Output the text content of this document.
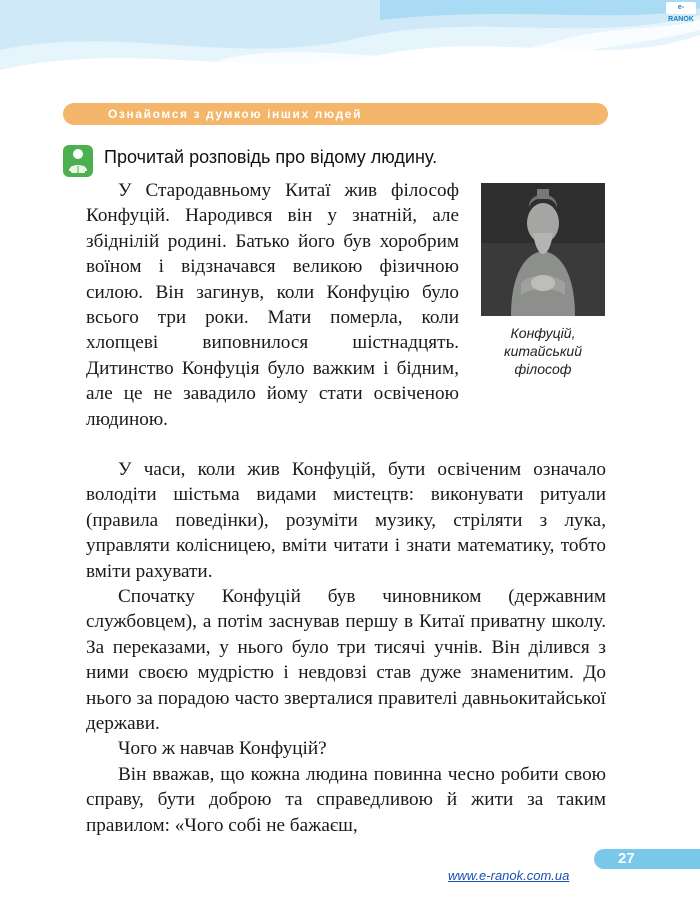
e-RANOK
Ознайомся з думкою інших людей
Прочитай розповідь про відому людину.
Конфуцій,
китайський
філософ

У Стародавньому Китаї жив філософ Конфуцій. Народився він у знатній, але збіднілій родині. Батько його був хоробрим воїном і відзначався великою фізичною силою. Він загинув, коли Конфуцію було всього три роки. Мати померла, коли хлопцеві виповнилося шістнадцять. Дитинство Конфуція було важким і бідним, але це не завадило йому стати освіченою людиною.

У часи, коли жив Конфуцій, бути освіченим означало володіти шістьма видами мистецтв: виконувати ритуали (правила поведінки), розуміти музику, стріляти з лука, управляти колісницею, вміти читати і знати математику, тобто вміти рахувати.

Спочатку Конфуцій був чиновником (державним службовцем), а потім заснував першу в Китаї приватну школу. За переказами, у нього було три тисячі учнів. Він ділився з ними своєю мудрістю і невдовзі став дуже знаменитим. До нього за порадою часто зверталися правителі давньокитайської держави.

Чого ж навчав Конфуцій?

Він вважав, що кожна людина повинна чесно робити свою справу, бути доброю та справедливою й жити за таким правилом: «Чого собі не бажаєш,

27
www.e-ranok.com.ua
